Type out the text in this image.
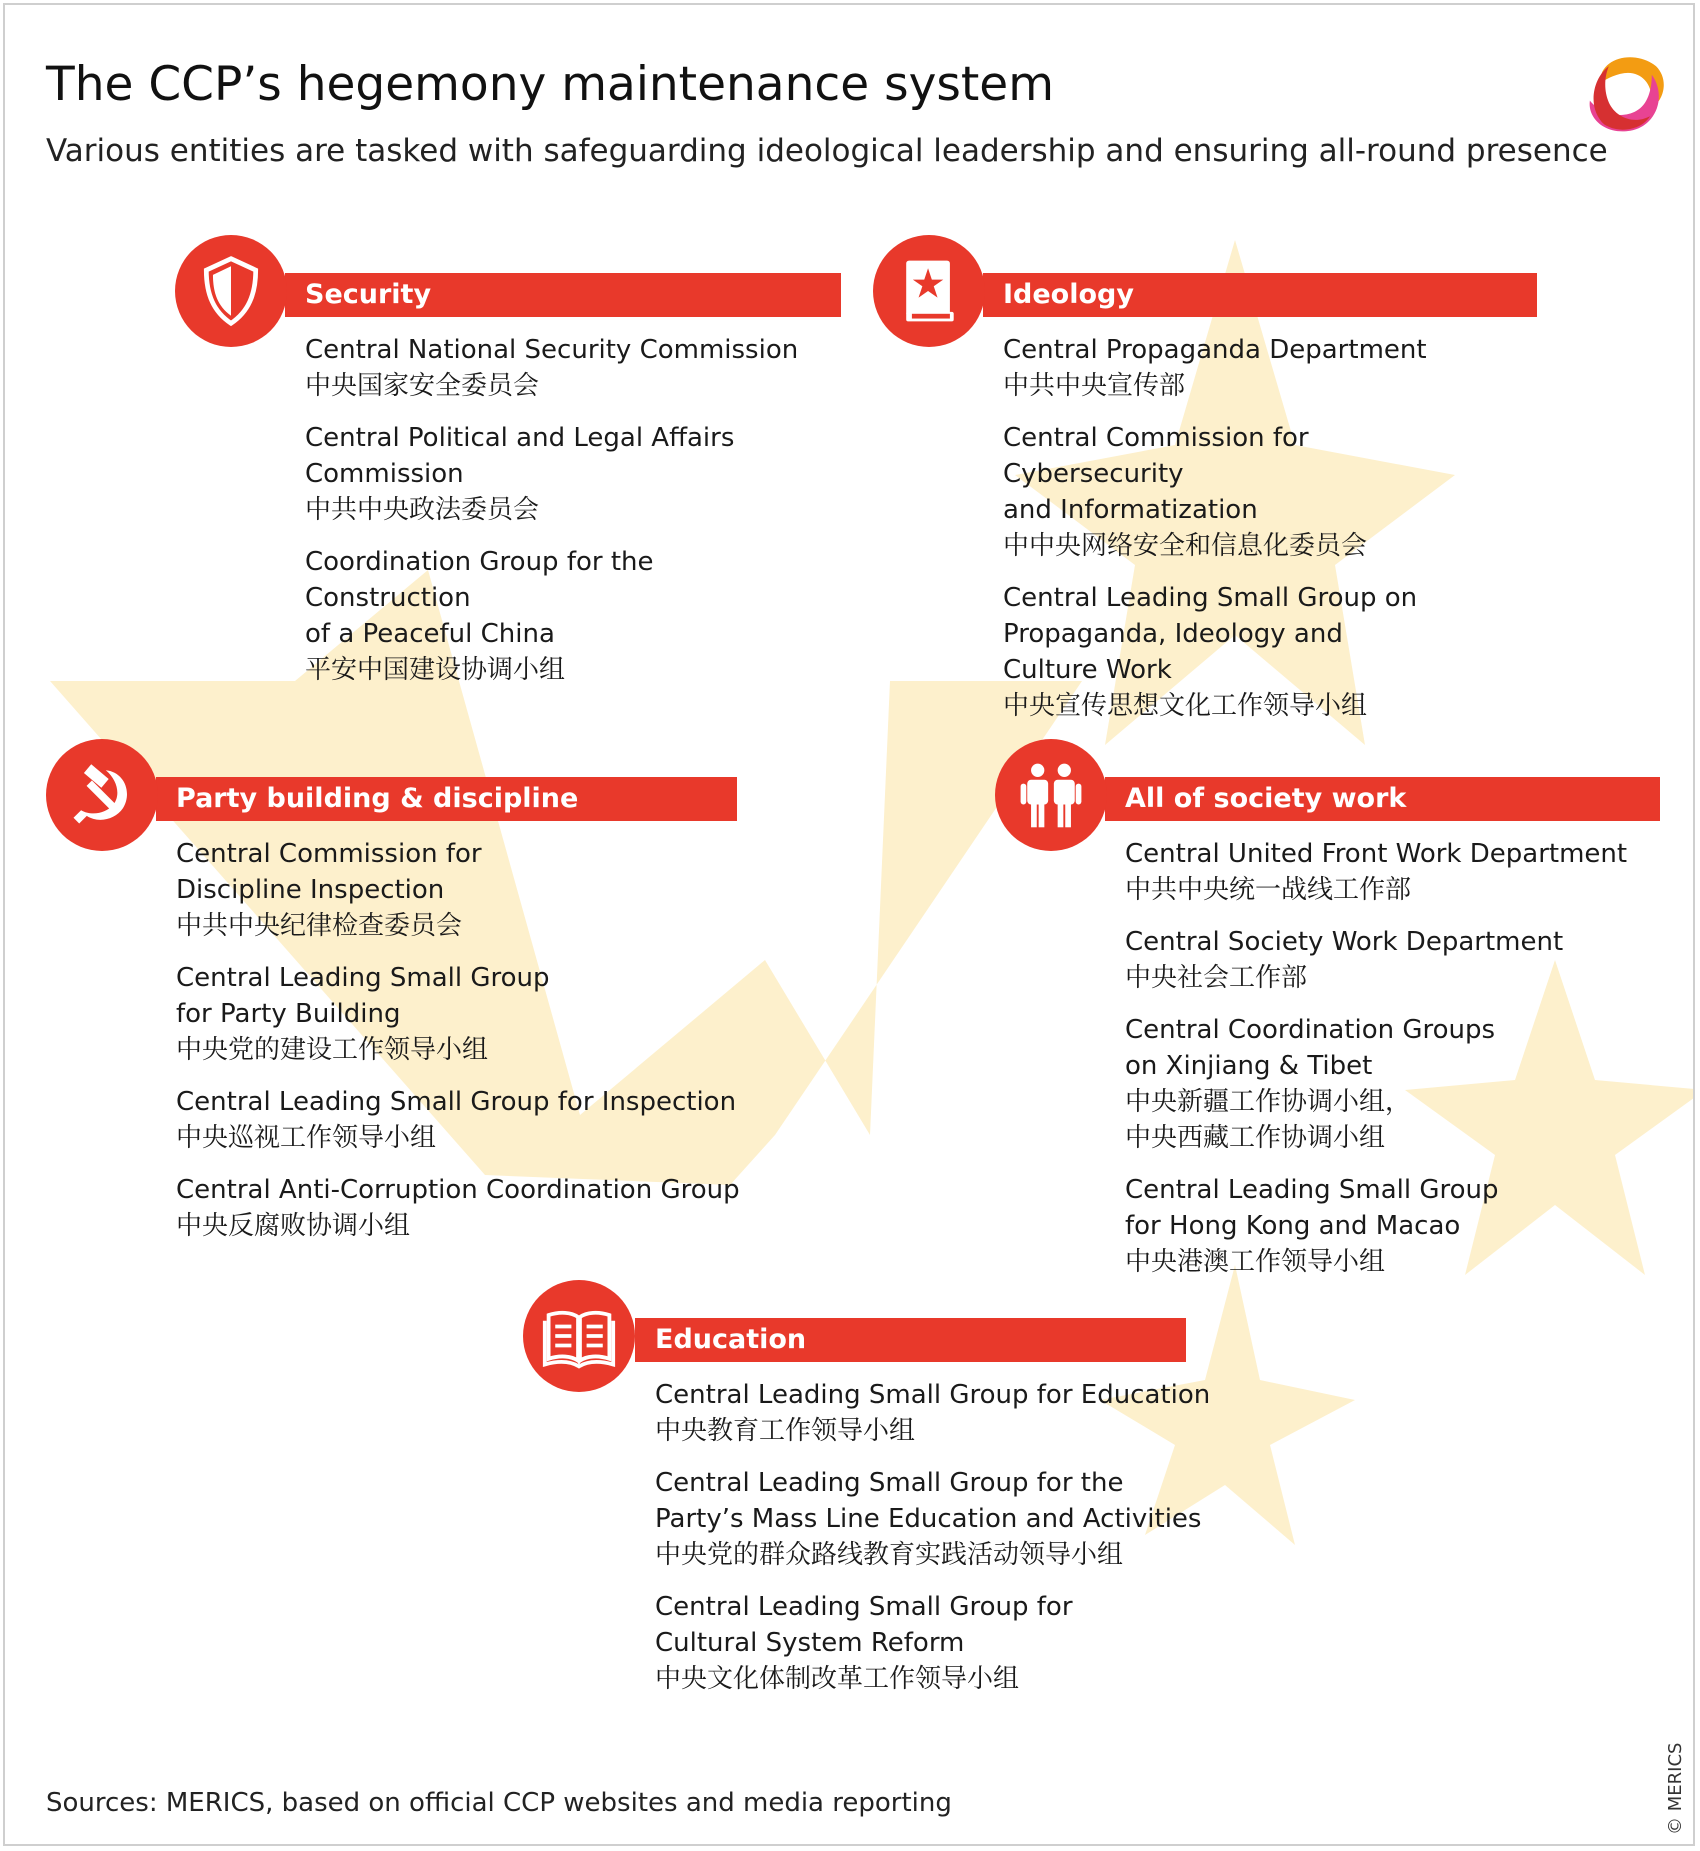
The CCP’s hegemony maintenance system

Various entities are tasked with safeguarding ideological leadership and ensuring all-round presence

Security
Central National Security Commission
中央国家安全委员会
Central Political and Legal Affairs
Commission
中共中央政法委员会
Coordination Group for the Construction
of a Peaceful China
平安中国建设协调小组
Ideology
Central Propaganda Department
中共中央宣传部
Central Commission for Cybersecurity
and Informatization
中中央网络安全和信息化委员会
Central Leading Small Group on
Propaganda, Ideology and Culture Work
中央宣传思想文化工作领导小组
Party building & discipline
Central Commission for
Discipline Inspection
中共中央纪律检查委员会
Central Leading Small Group
for Party Building
中央党的建设工作领导小组
Central Leading Small Group for Inspection
中央巡视工作领导小组
Central Anti-Corruption Coordination Group
中央反腐败协调小组
All of society work
Central United Front Work Department
中共中央统一战线工作部
Central Society Work Department
中央社会工作部
Central Coordination Groups
on Xinjiang & Tibet
中央新疆工作协调小组，
中央西藏工作协调小组
Central Leading Small Group
for Hong Kong and Macao
中央港澳工作领导小组
Education
Central Leading Small Group for Education
中央教育工作领导小组
Central Leading Small Group for the
Party’s Mass Line Education and Activities
中央党的群众路线教育实践活动领导小组
Central Leading Small Group for
Cultural System Reform
中央文化体制改革工作领导小组

Sources: MERICS, based on official CCP websites and media reporting	© MERICS
